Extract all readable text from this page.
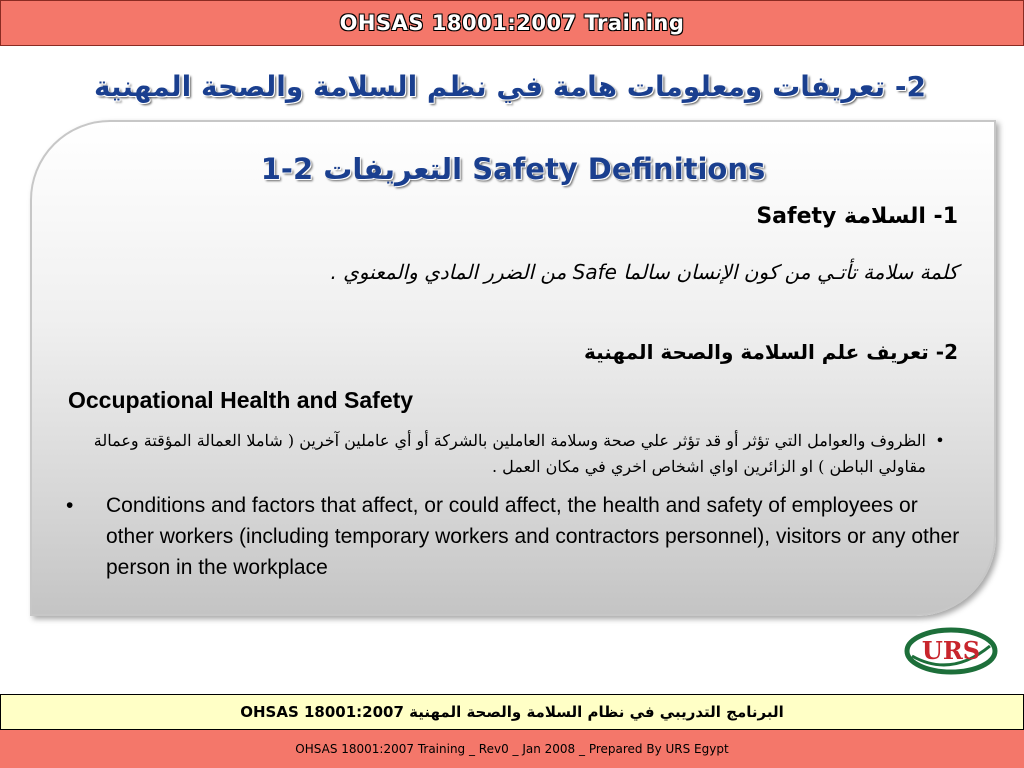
OHSAS 18001:2007 Training
2- تعريفات ومعلومات هامة في نظم السلامة والصحة المهنية
1-2 التعريفات Safety Definitions
1- السلامة Safety
كلمة سلامة تأتـي من كون الإنسان سالما Safe من الضرر المادي والمعنوي .
2- تعريف علم السلامة والصحة المهنية
Occupational Health and Safety
•
الظروف والعوامل التي تؤثر أو قد تؤثر علي صحة وسلامة العاملين بالشركة أو أي عاملين آخرين ( شاملا العمالة المؤقتة وعمالة مقاولي الباطن ) او الزائرين اواي اشخاص اخري في مكان العمل .
•	Conditions and factors that affect, or could affect, the health and safety of employees or other workers (including temporary workers and contractors personnel), visitors or any other person in the workplace
URS
البرنامج التدريبي في نظام السلامة والصحة المهنية OHSAS 18001:2007
OHSAS 18001:2007 Training _ Rev0 _ Jan 2008 _ Prepared By URS Egypt
